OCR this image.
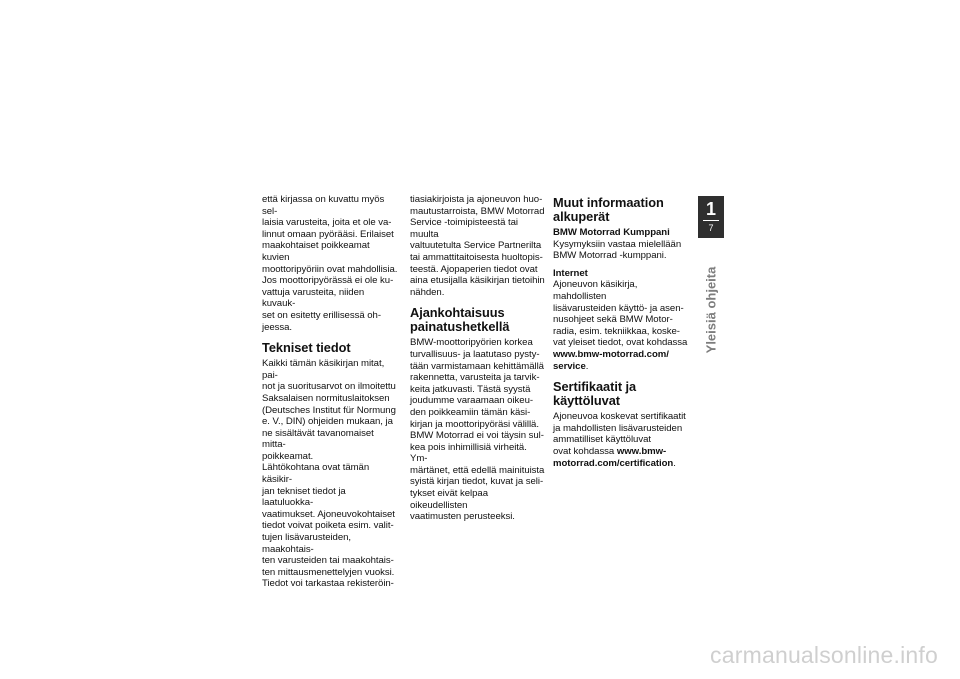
että kirjassa on kuvattu myös sel-
laisia varusteita, joita et ole va-
linnut omaan pyörääsi. Erilaiset
maakohtaiset poikkeamat kuvien
moottoripyöriin ovat mahdollisia.
Jos moottoripyörässä ei ole ku-
vattuja varusteita, niiden kuvauk-
set on esitetty erillisessä oh-
jeessa.

Tekniset tiedot

Kaikki tämän käsikirjan mitat, pai-
not ja suoritusarvot on ilmoitettu
Saksalaisen normituslaitoksen
(Deutsches Institut für Normung
e. V., DIN) ohjeiden mukaan, ja
ne sisältävät tavanomaiset mitta-
poikkeamat.
Lähtökohtana ovat tämän käsikir-
jan tekniset tiedot ja laatuluokka-
vaatimukset. Ajoneuvokohtaiset
tiedot voivat poiketa esim. valit-
tujen lisävarusteiden, maakohtais-
ten varusteiden tai maakohtais-
ten mittausmenettelyjen vuoksi.
Tiedot voi tarkastaa rekisteröin-

tiasiakirjoista ja ajoneuvon huo-
mautustarroista, BMW Motorrad
Service -toimipisteestä tai muulta
valtuutetulta Service Partnerilta
tai ammattitaitoisesta huoltopis-
teestä. Ajopaperien tiedot ovat
aina etusijalla käsikirjan tietoihin
nähden.

Ajankohtaisuus
painatushetkellä

BMW-moottoripyörien korkea
turvallisuus- ja laatutaso pysty-
tään varmistamaan kehittämällä
rakennetta, varusteita ja tarvik-
keita jatkuvasti. Tästä syystä
joudumme varaamaan oikeu-
den poikkeamiin tämän käsi-
kirjan ja moottoripyöräsi välillä.
BMW Motorrad ei voi täysin sul-
kea pois inhimillisiä virheitä. Ym-
märtänet, että edellä mainituista
syistä kirjan tiedot, kuvat ja seli-
tykset eivät kelpaa oikeudellisten
vaatimusten perusteeksi.

Muut informaation
alkuperät
BMW Motorrad Kumppani

Kysymyksiin vastaa mielellään
BMW Motorrad -kumppani.

Internet

Ajoneuvon käsikirja, mahdollisten
lisävarusteiden käyttö- ja asen-
nusohjeet sekä BMW Motor-
radia, esim. tekniikkaa, koske-
vat yleiset tiedot, ovat kohdassa
www.bmw-motorrad.com/
service.

Sertifikaatit ja
käyttöluvat

Ajoneuvoa koskevat sertifikaatit
ja mahdollisten lisävarusteiden
ammatilliset käyttöluvat
ovat kohdassa www.bmw-
motorrad.com/certification.

1
7
Yleisiä ohjeita
carmanualsonline.info
